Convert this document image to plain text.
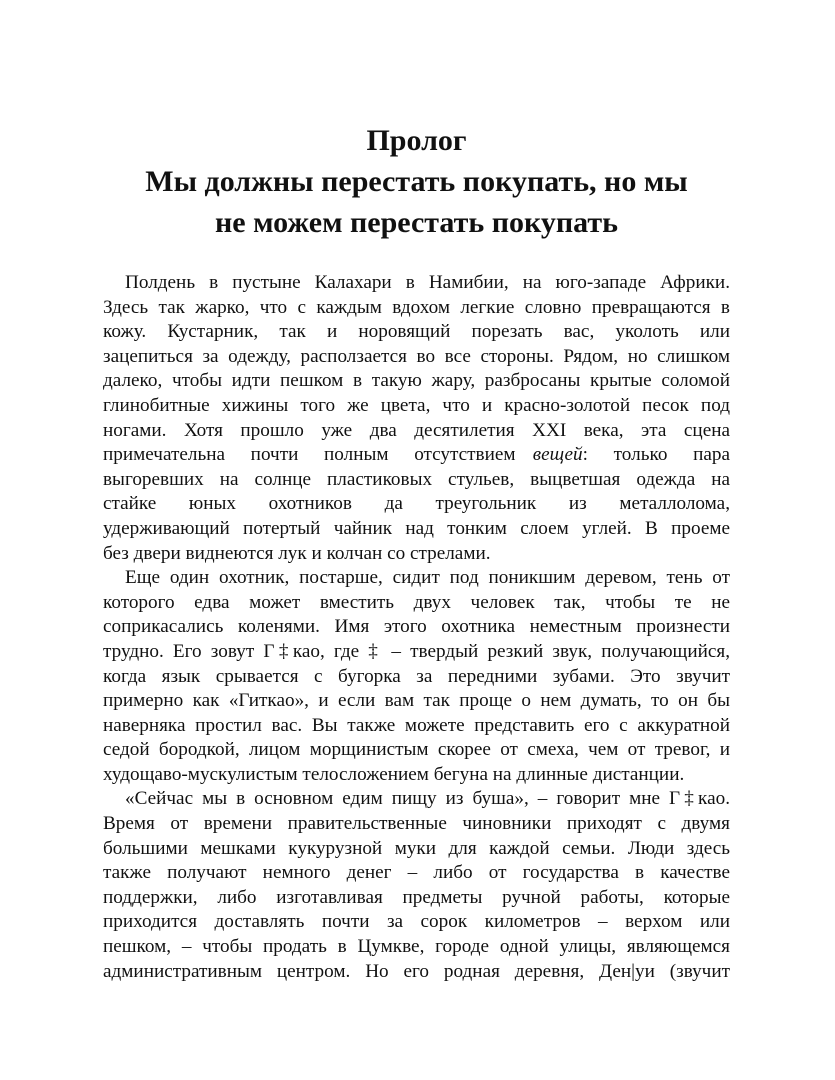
Пролог
Мы должны перестать покупать, но мы
не можем перестать покупать
Полдень в пустыне Калахари в Намибии, на юго-западе Африки.
Здесь так жарко, что с каждым вдохом легкие словно превращаются в
кожу. Кустарник, так и норовящий порезать вас, уколоть или
зацепиться за одежду, расползается во все стороны. Рядом, но слишком
далеко, чтобы идти пешком в такую жару, разбросаны крытые соломой
глинобитные хижины того же цвета, что и красно-золотой песок под
ногами. Хотя прошло уже два десятилетия XXI века, эта сцена
примечательна почти полным отсутствием вещей: только пара
выгоревших на солнце пластиковых стульев, выцветшая одежда на
стайке юных охотников да треугольник из металлолома,
удерживающий потертый чайник над тонким слоем углей. В проеме
без двери виднеются лук и колчан со стрелами.
Еще один охотник, постарше, сидит под поникшим деревом, тень от
которого едва может вместить двух человек так, чтобы те не
соприкасались коленями. Имя этого охотника неместным произнести
трудно. Его зовут Г‡као, где ‡ – твердый резкий звук, получающийся,
когда язык срывается с бугорка за передними зубами. Это звучит
примерно как «Гиткао», и если вам так проще о нем думать, то он бы
наверняка простил вас. Вы также можете представить его с аккуратной
седой бородкой, лицом морщинистым скорее от смеха, чем от тревог, и
худощаво-мускулистым телосложением бегуна на длинные дистанции.
«Сейчас мы в основном едим пищу из буша», – говорит мне Г‡као.
Время от времени правительственные чиновники приходят с двумя
большими мешками кукурузной муки для каждой семьи. Люди здесь
также получают немного денег – либо от государства в качестве
поддержки, либо изготавливая предметы ручной работы, которые
приходится доставлять почти за сорок километров – верхом или
пешком, – чтобы продать в Цумкве, городе одной улицы, являющемся
административным центром. Но его родная деревня, Ден|уи (звучит
